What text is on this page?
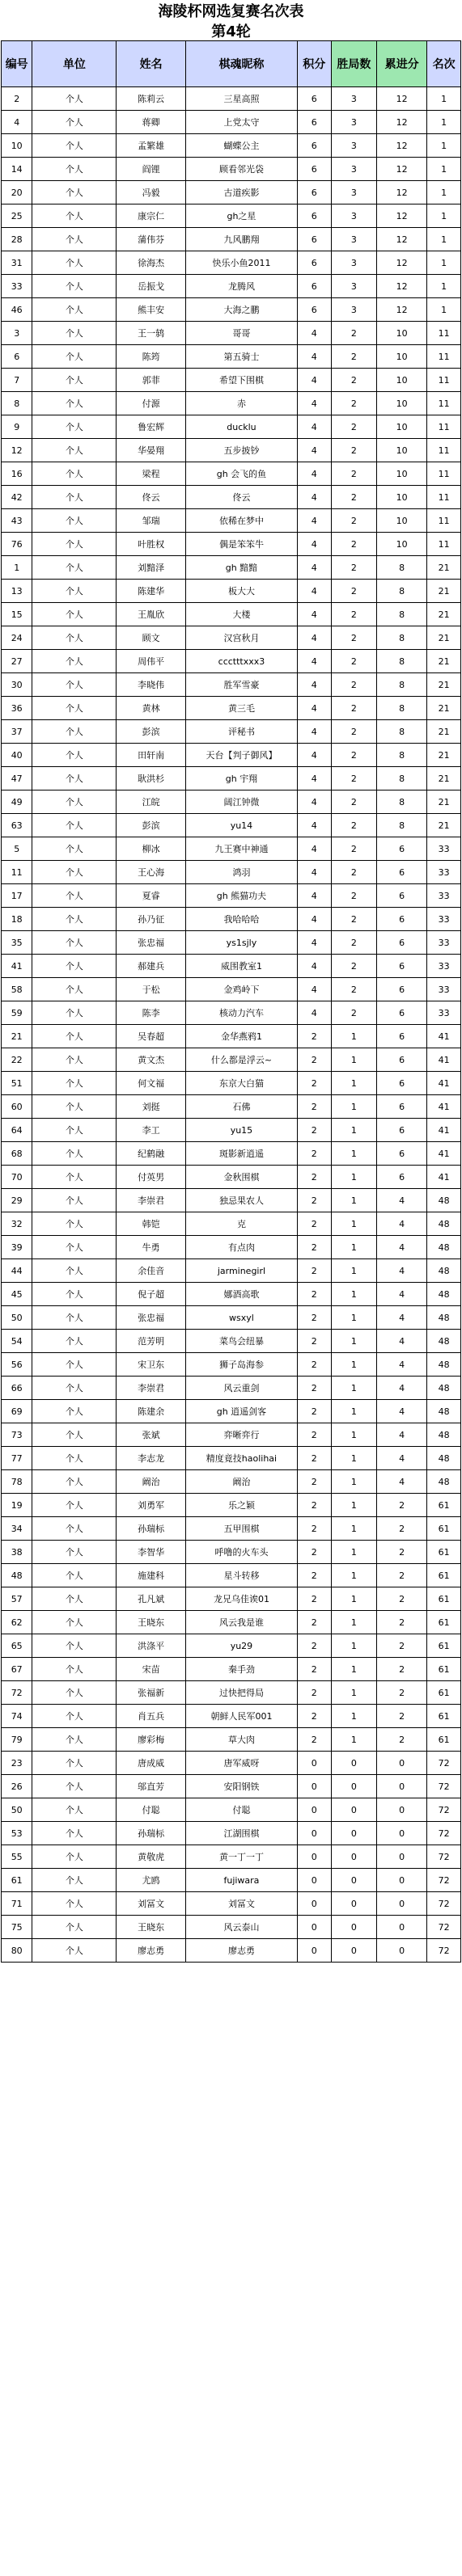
海陵杯网选复赛名次表
第4轮
编号	单位	姓名	棋魂昵称	积分	胜局数	累进分	名次
2	个人	陈莉云	三星高照	6	3	12	1
4	个人	蒋卿	上党太守	6	3	12	1
10	个人	孟繁雄	蝴蝶公主	6	3	12	1
14	个人	阎锂	顾看邻光袋	6	3	12	1
20	个人	冯毅	古道疾影	6	3	12	1
25	个人	康宗仁	gh之星	6	3	12	1
28	个人	蒲伟芬	九风鹏翔	6	3	12	1
31	个人	徐海杰	快乐小鱼2011	6	3	12	1
33	个人	岳振戈	龙腾风	6	3	12	1
46	个人	熊丰安	大海之鹏	6	3	12	1
3	个人	王一鸫	哥哥	4	2	10	11
6	个人	陈筠	第五骑士	4	2	10	11
7	个人	郭菲	希望下围棋	4	2	10	11
8	个人	付源	赤	4	2	10	11
9	个人	鲁宏辉	ducklu	4	2	10	11
12	个人	华晏翔	五步披钞	4	2	10	11
16	个人	梁程	gh 会飞的鱼	4	2	10	11
42	个人	佟云	佟云	4	2	10	11
43	个人	邹瑞	依稀在梦中	4	2	10	11
76	个人	叶胜权	偶是笨笨牛	4	2	10	11
1	个人	刘黯泽	gh 黯黯	4	2	8	21
13	个人	陈建华	板大大	4	2	8	21
15	个人	王胤欣	大楼	4	2	8	21
24	个人	顾文	汉宫秋月	4	2	8	21
27	个人	周伟平	ccctttxxx3	4	2	8	21
30	个人	李晓伟	胜军雪豪	4	2	8	21
36	个人	黄林	黄三毛	4	2	8	21
37	个人	彭滨	评秘书	4	2	8	21
40	个人	田轩南	天台【判子御风】	4	2	8	21
47	个人	耿洪杉	gh 宇翔	4	2	8	21
49	个人	江皖	阔江钟微	4	2	8	21
63	个人	彭滨	yu14	4	2	8	21
5	个人	柳冰	九王赛中神通	4	2	6	33
11	个人	王心海	鸿羽	4	2	6	33
17	个人	夏睿	gh 熊猫功夫	4	2	6	33
18	个人	孙乃征	我哈哈哈	4	2	6	33
35	个人	张忠福	ys1sjly	4	2	6	33
41	个人	郝建兵	威围教室1	4	2	6	33
58	个人	于松	金鸡岭下	4	2	6	33
59	个人	陈李	核动力汽车	4	2	6	33
21	个人	吴春超	金华燕鸦1	2	1	6	41
22	个人	黄文杰	什么都是浮云~	2	1	6	41
51	个人	何文福	东京大白猫	2	1	6	41
60	个人	刘挺	石佛	2	1	6	41
64	个人	李工	yu15	2	1	6	41
68	个人	纪鹤融	斑影新逍遥	2	1	6	41
70	个人	付英男	金秋围棋	2	1	6	41
29	个人	李崇君	独忌果农人	2	1	4	48
32	个人	韩铠	克	2	1	4	48
39	个人	牛勇	有点肉	2	1	4	48
44	个人	余佳音	jarminegirl	2	1	4	48
45	个人	倪子超	娜酒高歌	2	1	4	48
50	个人	张忠福	wsxyl	2	1	4	48
54	个人	范芳明	菜鸟会纽暴	2	1	4	48
56	个人	宋卫东	狮子岛海参	2	1	4	48
66	个人	李崇君	风云重剑	2	1	4	48
69	个人	陈建余	gh 逍遥剑客	2	1	4	48
73	个人	张斌	弈晰弈行	2	1	4	48
77	个人	李志龙	精度竟技haolihai	2	1	4	48
78	个人	阚治	阚治	2	1	4	48
19	个人	刘勇军	乐之颖	2	1	2	61
34	个人	孙瑞标	五甲围棋	2	1	2	61
38	个人	李智华	呼噜的火车头	2	1	2	61
48	个人	施建科	星斗转移	2	1	2	61
57	个人	孔凡斌	龙兄乌佳诶01	2	1	2	61
62	个人	王晓东	风云我是谁	2	1	2	61
65	个人	洪涤平	yu29	2	1	2	61
67	个人	宋苗	秦手劲	2	1	2	61
72	个人	张福新	过快把得局	2	1	2	61
74	个人	肖五兵	朝鲜人民军001	2	1	2	61
79	个人	廖彩梅	草大肉	2	1	2	61
23	个人	唐成威	唐军威呀	0	0	0	72
26	个人	邬直芳	安阳钢铁	0	0	0	72
50	个人	付聪	付聪	0	0	0	72
53	个人	孙瑞标	江湖围棋	0	0	0	72
55	个人	黄敬虎	黄一丁一丁	0	0	0	72
61	个人	尤鸥	fujiwara	0	0	0	72
71	个人	刘冨文	刘冨文	0	0	0	72
75	个人	王晓东	风云泰山	0	0	0	72
80	个人	廖志勇	廖志勇	0	0	0	72
